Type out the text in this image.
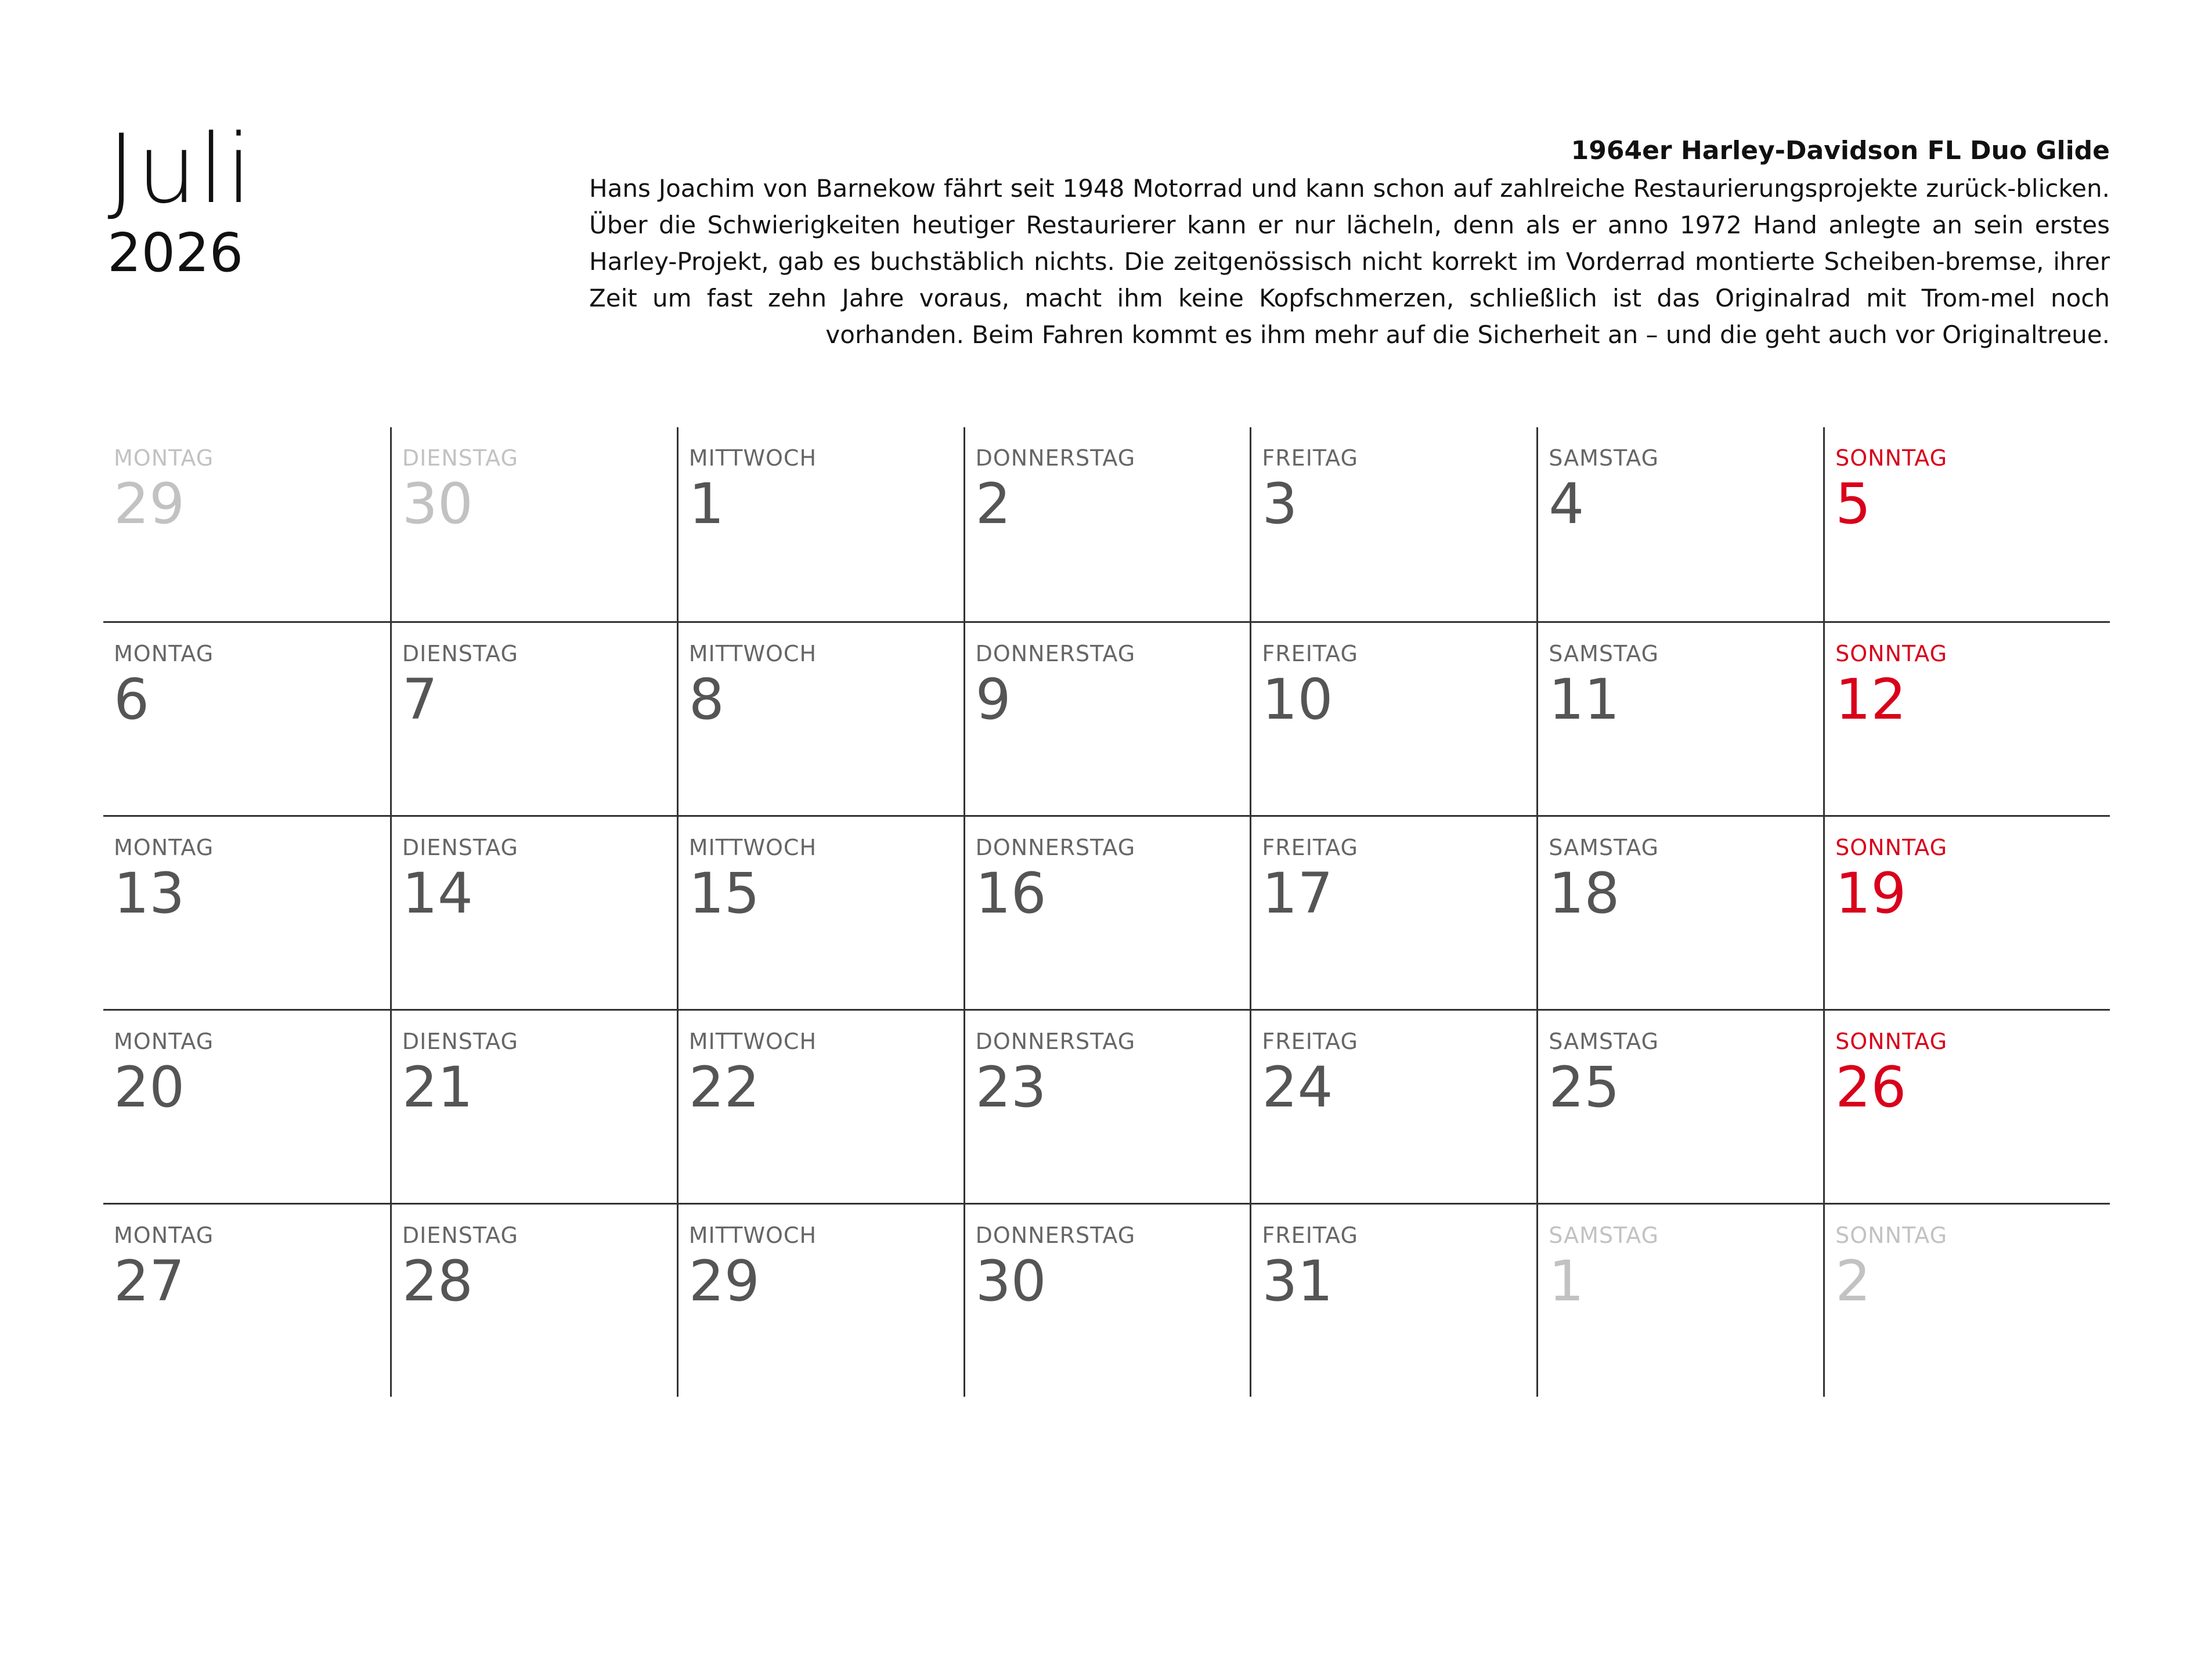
Juli
2026
1964er Harley-Davidson FL Duo Glide
Hans Joachim von Barnekow fährt seit 1948 Motorrad und kann schon auf zahlreiche Restaurierungsprojekte zurück-blicken. Über die Schwierigkeiten heutiger Restaurierer kann er nur lächeln, denn als er anno 1972 Hand anlegte an sein erstes Harley-Projekt, gab es buchstäblich nichts. Die zeitgenössisch nicht korrekt im Vorderrad montierte Scheiben-bremse, ihrer Zeit um fast zehn Jahre voraus, macht ihm keine Kopfschmerzen, schließlich ist das Originalrad mit Trom-mel noch vorhanden. Beim Fahren kommt es ihm mehr auf die Sicherheit an – und die geht auch vor Originaltreue.
MONTAG
29
DIENSTAG
30
MITTWOCH
1
DONNERSTAG
2
FREITAG
3
SAMSTAG
4
SONNTAG
5
MONTAG
6
DIENSTAG
7
MITTWOCH
8
DONNERSTAG
9
FREITAG
10
SAMSTAG
11
SONNTAG
12
MONTAG
13
DIENSTAG
14
MITTWOCH
15
DONNERSTAG
16
FREITAG
17
SAMSTAG
18
SONNTAG
19
MONTAG
20
DIENSTAG
21
MITTWOCH
22
DONNERSTAG
23
FREITAG
24
SAMSTAG
25
SONNTAG
26
MONTAG
27
DIENSTAG
28
MITTWOCH
29
DONNERSTAG
30
FREITAG
31
SAMSTAG
1
SONNTAG
2
